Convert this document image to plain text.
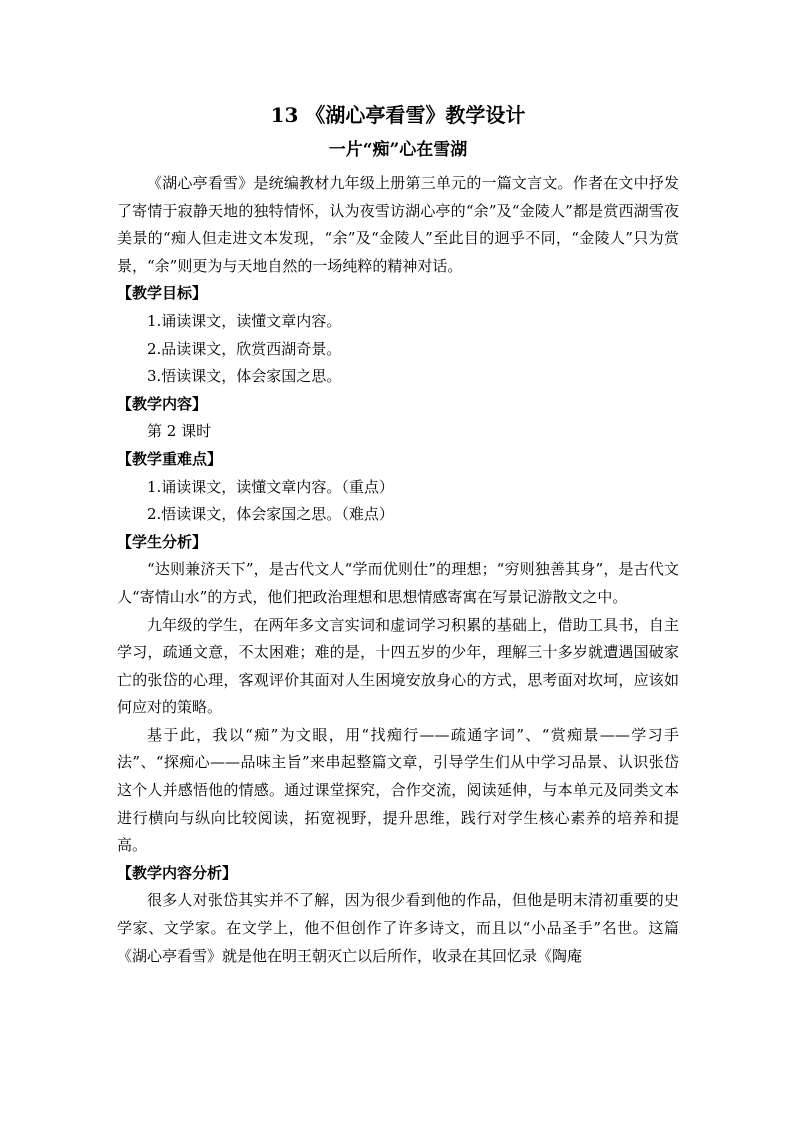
13 《湖心亭看雪》教学设计
一片“痴”心在雪湖

《湖心亭看雪》是统编教材九年级上册第三单元的一篇文言文。作者在文中抒发了寄情于寂静天地的独特情怀，认为夜雪访湖心亭的“余”及“金陵人”都是赏西湖雪夜美景的“痴人但走进文本发现，“余”及“金陵人”至此目的迥乎不同，“金陵人”只为赏景，“余”则更为与天地自然的一场纯粹的精神对话。

【教学目标】

1.诵读课文，读懂文章内容。

2.品读课文，欣赏西湖奇景。

3.悟读课文，体会家国之思。

【教学内容】

第 2 课时

【教学重难点】

1.诵读课文，读懂文章内容。（重点）

2.悟读课文，体会家国之思。（难点）

【学生分析】

“达则兼济天下”，是古代文人“学而优则仕”的理想；“穷则独善其身”，是古代文人“寄情山水”的方式，他们把政治理想和思想情感寄寓在写景记游散文之中。

九年级的学生，在两年多文言实词和虚词学习积累的基础上，借助工具书，自主学习，疏通文意，不太困难；难的是，十四五岁的少年，理解三十多岁就遭遇国破家亡的张岱的心理，客观评价其面对人生困境安放身心的方式，思考面对坎坷，应该如何应对的策略。

基于此，我以“痴”为文眼，用“找痴行——疏通字词”、“赏痴景——学习手法”、“探痴心——品味主旨”来串起整篇文章，引导学生们从中学习品景、认识张岱这个人并感悟他的情感。通过课堂探究，合作交流，阅读延伸，与本单元及同类文本进行横向与纵向比较阅读，拓宽视野，提升思维，践行对学生核心素养的培养和提高。

【教学内容分析】

很多人对张岱其实并不了解，因为很少看到他的作品，但他是明末清初重要的史学家、文学家。在文学上，他不但创作了许多诗文，而且以“小品圣手”名世。这篇《湖心亭看雪》就是他在明王朝灭亡以后所作，收录在其回忆录《陶庵
